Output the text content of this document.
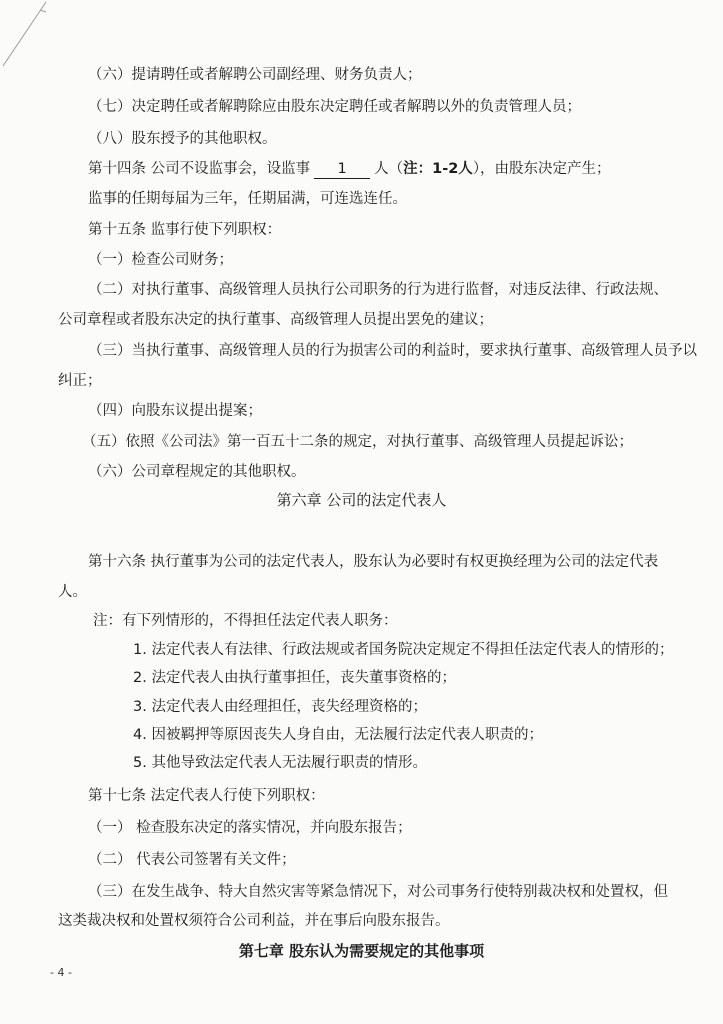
（六）提请聘任或者解聘公司副经理、财务负责人；
（七）决定聘任或者解聘除应由股东决定聘任或者解聘以外的负责管理人员；
（八）股东授予的其他职权。
第十四条 公司不设监事会，设监事 1 人（注：1-2人），由股东决定产生；
监事的任期每届为三年，任期届满，可连选连任。
第十五条 监事行使下列职权：
（一）检查公司财务；
（二）对执行董事、高级管理人员执行公司职务的行为进行监督，对违反法律、行政法规、
公司章程或者股东决定的执行董事、高级管理人员提出罢免的建议；
（三）当执行董事、高级管理人员的行为损害公司的利益时，要求执行董事、高级管理人员予以
纠正；
（四）向股东议提出提案；
（五）依照《公司法》第一百五十二条的规定，对执行董事、高级管理人员提起诉讼；
（六）公司章程规定的其他职权。
第六章 公司的法定代表人
第十六条 执行董事为公司的法定代表人，股东认为必要时有权更换经理为公司的法定代表
人。
注：有下列情形的，不得担任法定代表人职务：
1. 法定代表人有法律、行政法规或者国务院决定规定不得担任法定代表人的情形的；
2. 法定代表人由执行董事担任，丧失董事资格的；
3. 法定代表人由经理担任，丧失经理资格的；
4. 因被羁押等原因丧失人身自由，无法履行法定代表人职责的；
5. 其他导致法定代表人无法履行职责的情形。
第十七条 法定代表人行使下列职权：
（一） 检查股东决定的落实情况，并向股东报告；
（二） 代表公司签署有关文件；
（三）在发生战争、特大自然灾害等紧急情况下，对公司事务行使特别裁决权和处置权，但
这类裁决权和处置权须符合公司利益，并在事后向股东报告。
第七章 股东认为需要规定的其他事项
- 4 -
